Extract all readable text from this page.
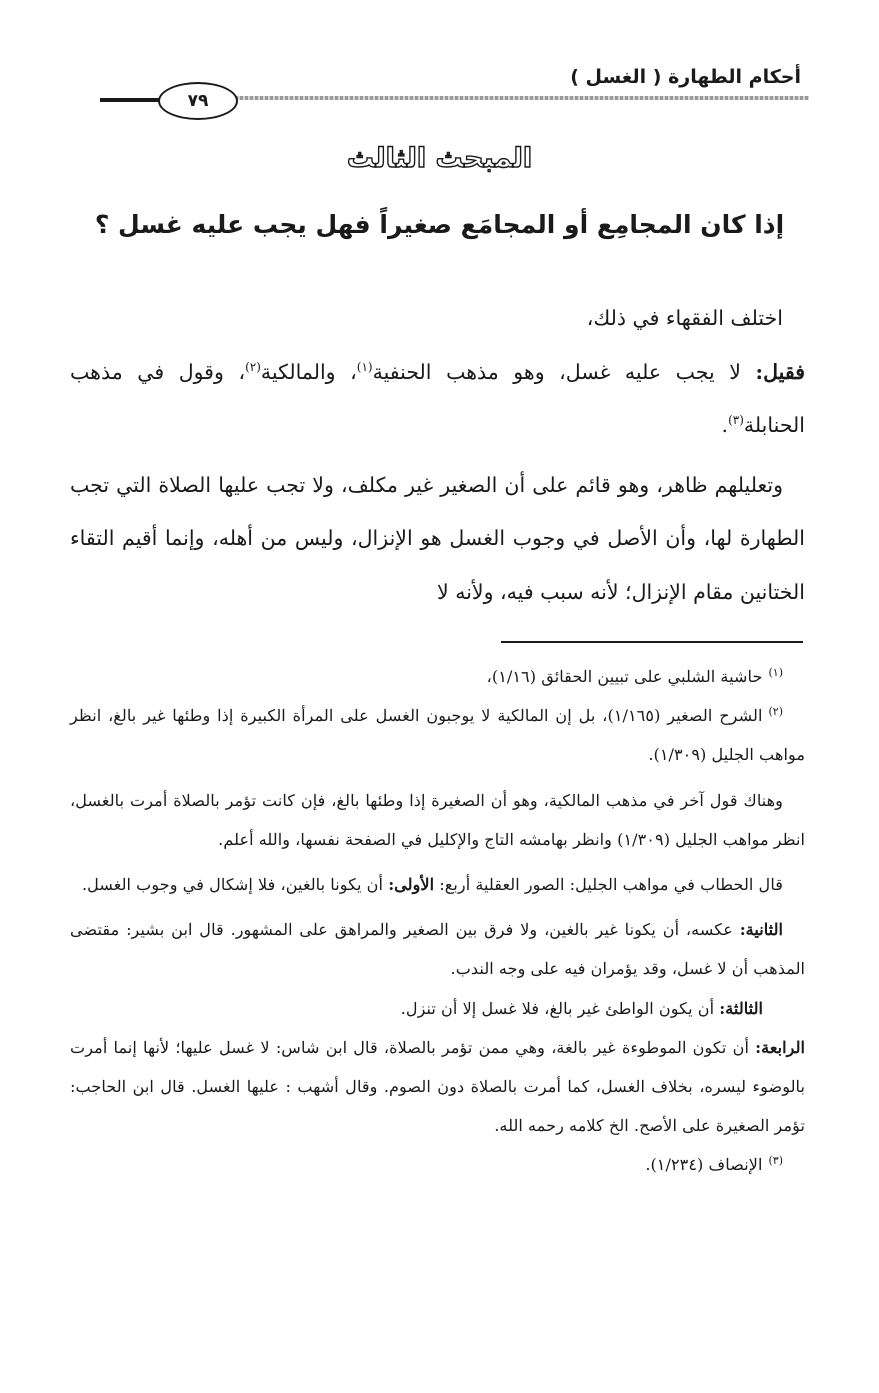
أحكام الطهارة ( الغسل )
٧٩
المبحث الثالث
إذا كان المجامِع أو المجامَع صغيراً فهل يجب عليه غسل ؟

اختلف الفقهاء في ذلك،

فقيل: لا يجب عليه غسل، وهو مذهب الحنفية$^{(١)}$، والمالكية$^{(٢)}$، وقول في مذهب الحنابلة$^{(٣)}$.

وتعليلهم ظاهر، وهو قائم على أن الصغير غير مكلف، ولا تجب عليها الصلاة التي تجب الطهارة لها، وأن الأصل في وجوب الغسل هو الإنزال، وليس من أهله، وإنما أقيم التقاء الختانين مقام الإنزال؛ لأنه سبب فيه، ولأنه لا

$^{(١)}$حاشية الشلبي على تبيين الحقائق (١/١٦)،

$^{(٢)}$الشرح الصغير (١/١٦٥)، بل إن المالكية لا يوجبون الغسل على المرأة الكبيرة إذا وطئها غير بالغ، انظر مواهب الجليل (١/٣٠٩).

وهناك قول آخر في مذهب المالكية، وهو أن الصغيرة إذا وطئها بالغ، فإن كانت تؤمر بالصلاة أمرت بالغسل، انظر مواهب الجليل (١/٣٠٩) وانظر بهامشه التاج والإكليل في الصفحة نفسها، والله أعلم.

قال الحطاب في مواهب الجليل: الصور العقلية أربع: الأولى: أن يكونا بالغين، فلا إشكال في وجوب الغسل.

الثانية: عكسه، أن يكونا غير بالغين، ولا فرق بين الصغير والمراهق على المشهور. قال ابن بشير: مقتضى المذهب أن لا غسل، وقد يؤمران فيه على وجه الندب.

الثالثة: أن يكون الواطئ غير بالغ، فلا غسل إلا أن تنزل.

الرابعة: أن تكون الموطوءة غير بالغة، وهي ممن تؤمر بالصلاة، قال ابن شاس: لا غسل عليها؛ لأنها إنما أمرت بالوضوء ليسره، بخلاف الغسل، كما أمرت بالصلاة دون الصوم. وقال أشهب : عليها الغسل. قال ابن الحاجب: تؤمر الصغيرة على الأصح. الخ كلامه رحمه الله.

$^{(٣)}$الإنصاف (١/٢٣٤).
